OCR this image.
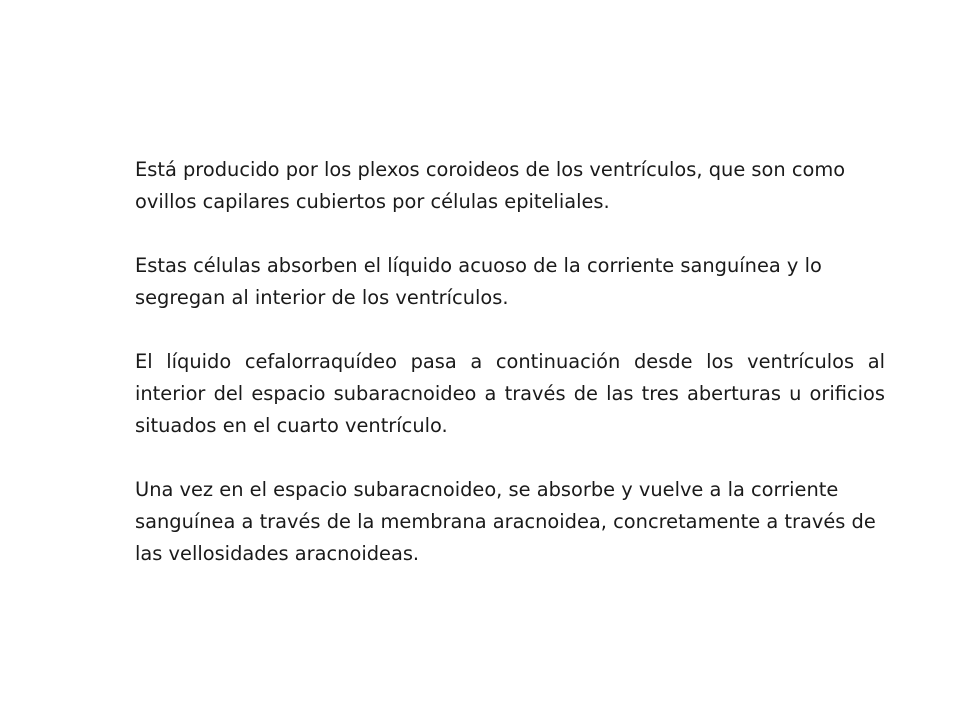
Está producido por los plexos coroideos de los ventrículos, que son como ovillos capilares cubiertos por células epiteliales.

Estas células absorben el líquido acuoso de la corriente sanguínea y lo segregan al interior de los ventrículos.

El líquido cefalorraquídeo pasa a continuación desde los ventrículos al interior del espacio subaracnoideo a través de las tres aberturas u orificios situados en el cuarto ventrículo.

Una vez en el espacio subaracnoideo, se absorbe y vuelve a la corriente sanguínea a través de la membrana aracnoidea, concretamente a través de las vellosidades aracnoideas.
